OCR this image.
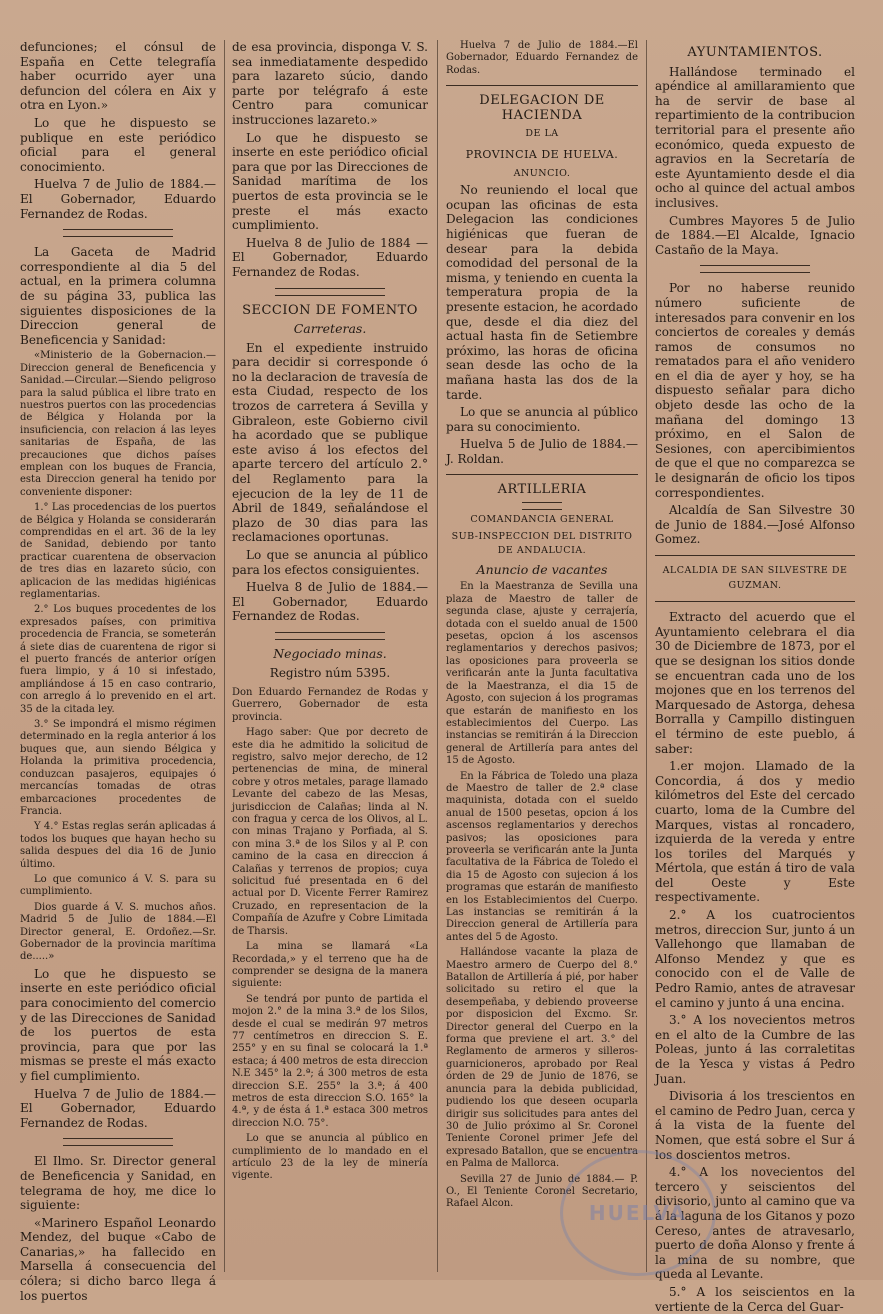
defunciones; el cónsul de España en Cette telegrafía haber ocurrido ayer una defuncion del cólera en Aix y otra en Lyon.»

Lo que he dispuesto se publique en este periódico oficial para el general conocimiento.

Huelva 7 de Julio de 1884.— El Gobernador, Eduardo Fernandez de Rodas.

La Gaceta de Madrid correspondiente al dia 5 del actual, en la primera columna de su página 33, publica las siguientes disposiciones de la Direccion general de Beneficencia y Sanidad:

«Ministerio de la Gobernacion.—Direccion general de Beneficencia y Sanidad.—Circular.—Siendo peligroso para la salud pública el libre trato en nuestros puertos con las procedencias de Bélgica y Holanda por la insuficiencia, con relacion á las leyes sanitarias de España, de las precauciones que dichos países emplean con los buques de Francia, esta Direccion general ha tenido por conveniente disponer:

1.° Las procedencias de los puertos de Bélgica y Holanda se considerarán comprendidas en el art. 36 de la ley de Sanidad, debiendo por tanto practicar cuarentena de observacion de tres dias en lazareto súcio, con aplicacion de las medidas higiénicas reglamentarias.

2.° Los buques procedentes de los expresados países, con primitiva procedencia de Francia, se someterán á siete dias de cuarentena de rigor si el puerto francés de anterior orígen fuera limpio, y á 10 si infestado, ampliándose á 15 en caso contrario, con arreglo á lo prevenido en el art. 35 de la citada ley.

3.° Se impondrá el mismo régimen determinado en la regla anterior á los buques que, aun siendo Bélgica y Holanda la primitiva procedencia, conduzcan pasajeros, equipajes ó mercancías tomadas de otras embarcaciones procedentes de Francia.

Y 4.° Estas reglas serán aplicadas á todos los buques que hayan hecho su salida despues del dia 16 de Junio último.

Lo que comunico á V. S. para su cumplimiento.

Dios guarde á V. S. muchos años. Madrid 5 de Julio de 1884.—El Director general, E. Ordoñez.—Sr. Gobernador de la provincia marítima de.....»

Lo que he dispuesto se inserte en este periódico oficial para conocimiento del comercio y de las Direcciones de Sanidad de los puertos de esta provincia, para que por las mismas se preste el más exacto y fiel cumplimiento.

Huelva 7 de Julio de 1884.— El Gobernador, Eduardo Fernandez de Rodas.

El Ilmo. Sr. Director general de Beneficencia y Sanidad, en telegrama de hoy, me dice lo siguiente:

«Marinero Español Leonardo Mendez, del buque «Cabo de Canarias,» ha fallecido en Marsella á consecuencia del cólera; si dicho barco llega á los puertos

de esa provincia, disponga V. S. sea inmediatamente despedido para lazareto súcio, dando parte por telégrafo á este Centro para comunicar instrucciones lazareto.»

Lo que he dispuesto se inserte en este periódico oficial para que por las Direcciones de Sanidad marítima de los puertos de esta provincia se le preste el más exacto cumplimiento.

Huelva 8 de Julio de 1884 — El Gobernador, Eduardo Fernandez de Rodas.

SECCION DE FOMENTO
Carreteras.

En el expediente instruido para decidir si corresponde ó no la declaracion de travesía de esta Ciudad, respecto de los trozos de carretera á Sevilla y Gibraleon, este Gobierno civil ha acordado que se publique este aviso á los efectos del aparte tercero del artículo 2.° del Reglamento para la ejecucion de la ley de 11 de Abril de 1849, señalándose el plazo de 30 dias para las reclamaciones oportunas.

Lo que se anuncia al público para los efectos consiguientes.

Huelva 8 de Julio de 1884.— El Gobernador, Eduardo Fernandez de Rodas.

Negociado minas.
Registro núm 5395.

Don Eduardo Fernandez de Rodas y Guerrero, Gobernador de esta provincia.

Hago saber: Que por decreto de este dia he admitido la solicitud de registro, salvo mejor derecho, de 12 pertenencias de mina, de mineral cobre y otros metales, parage llamado Levante del cabezo de las Mesas, jurisdiccion de Calañas; linda al N. con fragua y cerca de los Olivos, al L. con minas Trajano y Porfiada, al S. con mina 3.ª de los Silos y al P. con camino de la casa en direccion á Calañas y terrenos de propios; cuya solicitud fué presentada en 6 del actual por D. Vicente Ferrer Ramirez Cruzado, en representacion de la Compañía de Azufre y Cobre Limitada de Tharsis.

La mina se llamará «La Recordada,» y el terreno que ha de comprender se designa de la manera siguiente:

Se tendrá por punto de partida el mojon 2.° de la mina 3.ª de los Silos, desde el cual se medirán 97 metros 77 centímetros en direccion S. E. 255° y en su final se colocará la 1.ª estaca; á 400 metros de esta direccion N.E 345° la 2.ª; á 300 metros de esta direccion S.E. 255° la 3.ª; á 400 metros de esta direccion S.O. 165° la 4.ª, y de ésta á 1.ª estaca 300 metros direccion N.O. 75°.

Lo que se anuncia al público en cumplimiento de lo mandado en el artículo 23 de la ley de minería vigente.

Huelva 7 de Julio de 1884.—El Gobernador, Eduardo Fernandez de Rodas.

DELEGACION DE HACIENDA
DE LA
PROVINCIA DE HUELVA.
ANUNCIO.

No reuniendo el local que ocupan las oficinas de esta Delegacion las condiciones higiénicas que fueran de desear para la debida comodidad del personal de la misma, y teniendo en cuenta la temperatura propia de la presente estacion, he acordado que, desde el dia diez del actual hasta fin de Setiembre próximo, las horas de oficina sean desde las ocho de la mañana hasta las dos de la tarde.

Lo que se anuncia al público para su conocimiento.

Huelva 5 de Julio de 1884.— J. Roldan.

ARTILLERIA
COMANDANCIA GENERAL
SUB-INSPECCION DEL DISTRITO DE ANDALUCIA.
Anuncio de vacantes

En la Maestranza de Sevilla una plaza de Maestro de taller de segunda clase, ajuste y cerrajería, dotada con el sueldo anual de 1500 pesetas, opcion á los ascensos reglamentarios y derechos pasivos; las oposiciones para proveerla se verificarán ante la Junta facultativa de la Maestranza, el dia 15 de Agosto, con sujecion á los programas que estarán de manifiesto en los establecimientos del Cuerpo. Las instancias se remitirán á la Direccion general de Artillería para antes del 15 de Agosto.

En la Fábrica de Toledo una plaza de Maestro de taller de 2.ª clase maquinista, dotada con el sueldo anual de 1500 pesetas, opcion á los ascensos reglamentarios y derechos pasivos; las oposiciones para proveerla se verificarán ante la Junta facultativa de la Fábrica de Toledo el dia 15 de Agosto con sujecion á los programas que estarán de manifiesto en los Establecimientos del Cuerpo. Las instancias se remitirán á la Direccion general de Artillería para antes del 5 de Agosto.

Hallándose vacante la plaza de Maestro armero de Cuerpo del 8.° Batallon de Artillería á pié, por haber solicitado su retiro el que la desempeñaba, y debiendo proveerse por disposicion del Excmo. Sr. Director general del Cuerpo en la forma que previene el art. 3.° del Reglamento de armeros y silleros-guarnicioneros, aprobado por Real órden de 29 de Junio de 1876, se anuncia para la debida publicidad, pudiendo los que deseen ocuparla dirigir sus solicitudes para antes del 30 de Julio próximo al Sr. Coronel Teniente Coronel primer Jefe del expresado Batallon, que se encuentra en Palma de Mallorca.

Sevilla 27 de Junio de 1884.— P. O., El Teniente Coronel Secretario, Rafael Alcon.

AYUNTAMIENTOS.

Hallándose terminado el apéndice al amillaramiento que ha de servir de base al repartimiento de la contribucion territorial para el presente año económico, queda expuesto de agravios en la Secretaría de este Ayuntamiento desde el dia ocho al quince del actual ambos inclusives.

Cumbres Mayores 5 de Julio de 1884.—El Alcalde, Ignacio Castaño de la Maya.

Por no haberse reunido número suficiente de interesados para convenir en los conciertos de coreales y demás ramos de consumos no rematados para el año venidero en el dia de ayer y hoy, se ha dispuesto señalar para dicho objeto desde las ocho de la mañana del domingo 13 próximo, en el Salon de Sesiones, con apercibimientos de que el que no comparezca se le designarán de oficio los tipos correspondientes.

Alcaldía de San Silvestre 30 de Junio de 1884.—José Alfonso Gomez.

ALCALDIA DE SAN SILVESTRE DE GUZMAN.

Extracto del acuerdo que el Ayuntamiento celebrara el dia 30 de Diciembre de 1873, por el que se designan los sitios donde se encuentran cada uno de los mojones que en los terrenos del Marquesado de Astorga, dehesa Borralla y Campillo distinguen el término de este pueblo, á saber:

1.er mojon. Llamado de la Concordia, á dos y medio kilómetros del Este del cercado cuarto, loma de la Cumbre del Marques, vistas al roncadero, izquierda de la vereda y entre los toriles del Marqués y Mértola, que están á tiro de vala del Oeste y Este respectivamente.

2.° A los cuatrocientos metros, direccion Sur, junto á un Vallehongo que llamaban de Alfonso Mendez y que es conocido con el de Valle de Pedro Ramio, antes de atravesar el camino y junto á una encina.

3.° A los novecientos metros en el alto de la Cumbre de las Poleas, junto á las corraletitas de la Yesca y vistas á Pedro Juan.

Divisoria á los trescientos en el camino de Pedro Juan, cerca y á la vista de la fuente del Nomen, que está sobre el Sur á los doscientos metros.

4.° A los novecientos del tercero y seiscientos del divisorio, junto al camino que va á la laguna de los Gitanos y pozo Cereso, antes de atravesarlo, puerto de doña Alonso y frente á la mina de su nombre, que queda al Levante.

5.° A los seiscientos en la vertiente de la Cerca del Guar-

HUELVA
